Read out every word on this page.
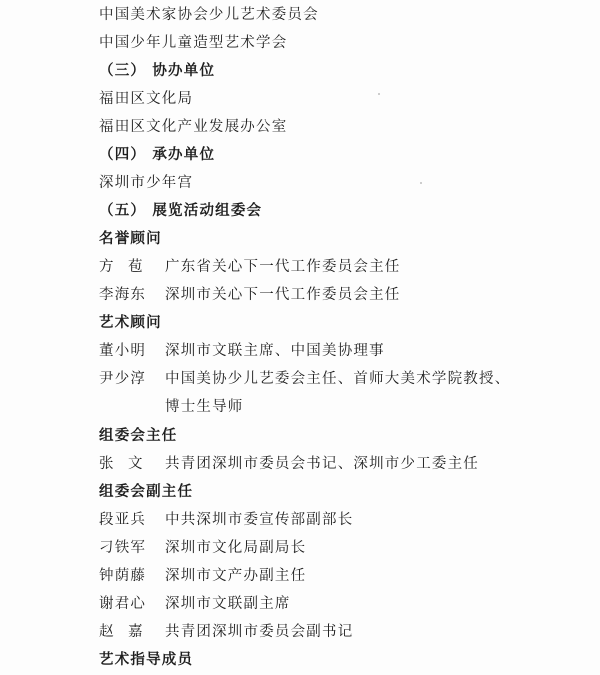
中国美术家协会少儿艺术委员会
中国少年儿童造型艺术学会
（三） 协办单位
福田区文化局
福田区文化产业发展办公室
（四） 承办单位
深圳市少年宫
（五） 展览活动组委会
名誉顾问
方　苞 广东省关心下一代工作委员会主任
李海东 深圳市关心下一代工作委员会主任
艺术顾问
董小明 深圳市文联主席、中国美协理事
尹少淳 中国美协少儿艺委会主任、首师大美术学院教授、
博士生导师
组委会主任
张　文 共青团深圳市委员会书记、深圳市少工委主任
组委会副主任
段亚兵 中共深圳市委宣传部副部长
刁铁军 深圳市文化局副局长
钟荫藤 深圳市文产办副主任
谢君心 深圳市文联副主席
赵　嘉 共青团深圳市委员会副书记
艺术指导成员
